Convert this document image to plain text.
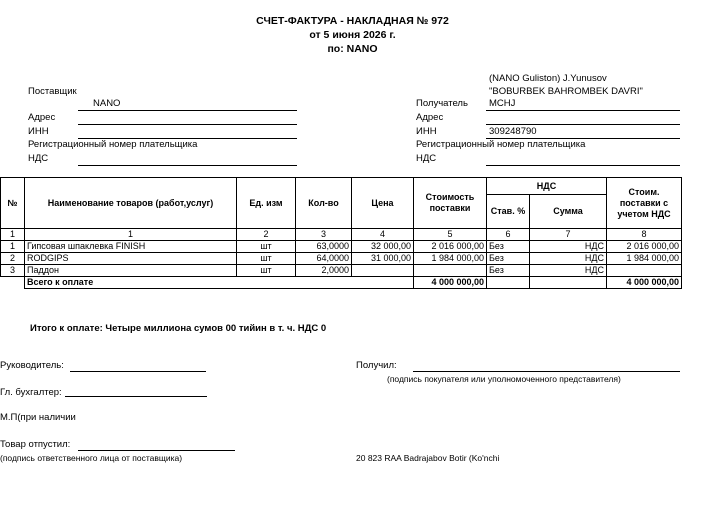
СЧЕТ-ФАКТУРА - НАКЛАДНАЯ № 972
от 5 июня 2026 г.
по: NANO
Поставщик
NANO
Адрес
ИНН
Регистрационный номер плательщика
НДС
(NANO Guliston) J.Yunusov
"BOBURBEK BAHROMBEK DAVRI"
Получатель MCHJ
Адрес
ИНН	309248790
Регистрационный номер плательщика
НДС
№	Наименование товаров (работ,услуг)	Ед. изм	Кол-во	Цена	Стоимость поставки	НДС		Стоим. поставки с учетом НДС
						Став. %	Сумма	
1	1	2	3	4	5	6	7	8
1	Гипсовая шпаклевка FINISH	шт	63,0000	32 000,00	2 016 000,00	Без	НДС	2 016 000,00
2	RODGIPS	шт	64,0000	31 000,00	1 984 000,00	Без	НДС	1 984 000,00
3	Паддон	шт	2,0000			Без	НДС	
	Всего к оплате				4 000 000,00			4 000 000,00
Итого к оплате: Четыре миллиона сумов 00 тийин в т. ч. НДС 0
Руководитель:	Получил:
(подпись покупателя или уполномоченного представителя)
Гл. бухгалтер:
М.П(при наличии
Товар отпустил:
(подпись ответственного лица от поставщика)	20 823 RAA Badrajabov Botir (Ko'nchi
